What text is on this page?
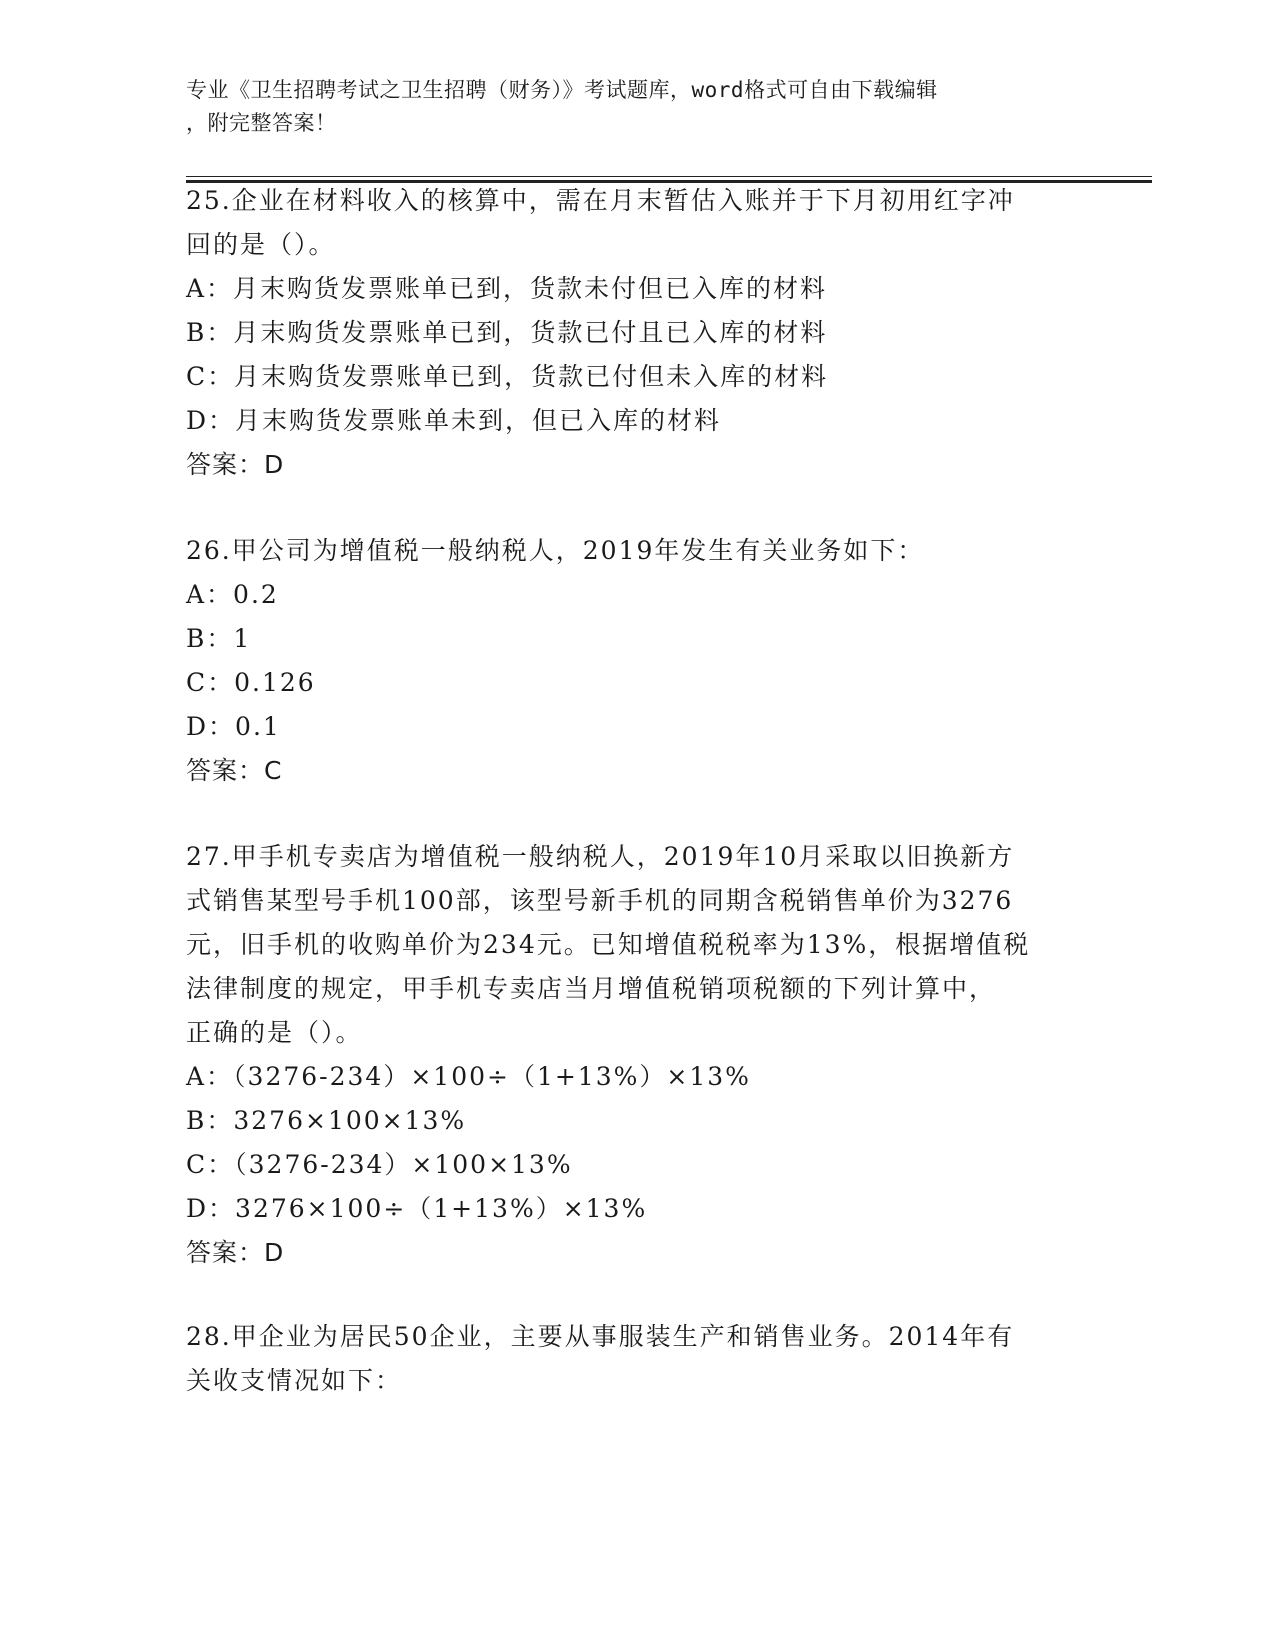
专业《卫生招聘考试之卫生招聘（财务）》考试题库，word格式可自由下载编辑
，附完整答案！
25.企业在材料收入的核算中，需在月末暂估入账并于下月初用红字冲
回的是（）。
A：月末购货发票账单已到，货款未付但已入库的材料
B：月末购货发票账单已到，货款已付且已入库的材料
C：月末购货发票账单已到，货款已付但未入库的材料
D：月末购货发票账单未到，但已入库的材料
答案：D
26.甲公司为增值税一般纳税人，2019年发生有关业务如下：
A：0.2
B：1
C：0.126
D：0.1
答案：C
27.甲手机专卖店为增值税一般纳税人，2019年10月采取以旧换新方
式销售某型号手机100部，该型号新手机的同期含税销售单价为3276
元，旧手机的收购单价为234元。已知增值税税率为13%，根据增值税
法律制度的规定，甲手机专卖店当月增值税销项税额的下列计算中，
正确的是（）。
A：（3276-234）×100÷（1+13%）×13%
B：3276×100×13%
C：（3276-234）×100×13%
D：3276×100÷（1+13%）×13%
答案：D
28.甲企业为居民50企业，主要从事服装生产和销售业务。2014年有
关收支情况如下：
